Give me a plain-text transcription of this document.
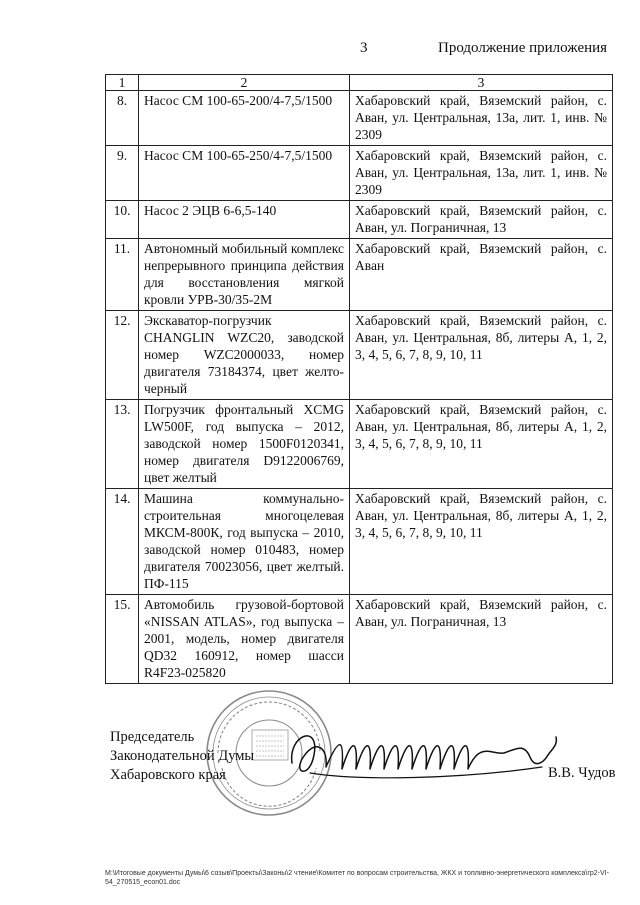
3	Продолжение приложения
1	2	3
8.	Насос СМ 100-65-200/4-7,5/1500	Хабаровский край, Вяземский район, с. Аван, ул. Центральная, 13а, лит. 1, инв. № 2309
9.	Насос СМ 100-65-250/4-7,5/1500	Хабаровский край, Вяземский район, с. Аван, ул. Центральная, 13а, лит. 1, инв. № 2309
10.	Насос 2 ЭЦВ 6-6,5-140	Хабаровский край, Вяземский район, с. Аван, ул. Пограничная, 13
11.	Автономный мобильный комплекс непрерывного принципа действия для восстановления мягкой кровли УРВ-30/35-2М	Хабаровский край, Вяземский район, с. Аван
12.	Экскаватор-погрузчик CHANGLIN WZC20, заводской номер WZC2000033, номер двигателя 73184374, цвет желто-черный	Хабаровский край, Вяземский район, с. Аван, ул. Центральная, 8б, литеры А, 1, 2, 3, 4, 5, 6, 7, 8, 9, 10, 11
13.	Погрузчик фронтальный XCMG LW500F, год выпуска – 2012, заводской номер 1500F0120341, номер двигателя D9122006769, цвет желтый	Хабаровский край, Вяземский район, с. Аван, ул. Центральная, 8б, литеры А, 1, 2, 3, 4, 5, 6, 7, 8, 9, 10, 11
14.	Машина коммунально-строительная многоцелевая МКСМ-800К, год выпуска – 2010, заводской номер 010483, номер двигателя 70023056, цвет желтый. ПФ-115	Хабаровский край, Вяземский район, с. Аван, ул. Центральная, 8б, литеры А, 1, 2, 3, 4, 5, 6, 7, 8, 9, 10, 11
15.	Автомобиль грузовой-бортовой «NISSAN ATLAS», год выпуска – 2001, модель, номер двигателя QD32 160912, номер шасси R4F23-025820	Хабаровский край, Вяземский район, с. Аван, ул. Пограничная, 13
Председатель
Законодательной Думы
Хабаровского края	В.В. Чудов
M:\Итоговые документы Думы\6 созыв\Проекты\Законы\2 чтение\Комитет по вопросам строительства, ЖКХ и топливно-энергетического комплекса\гр2-VI-54_270515_econ01.doc
